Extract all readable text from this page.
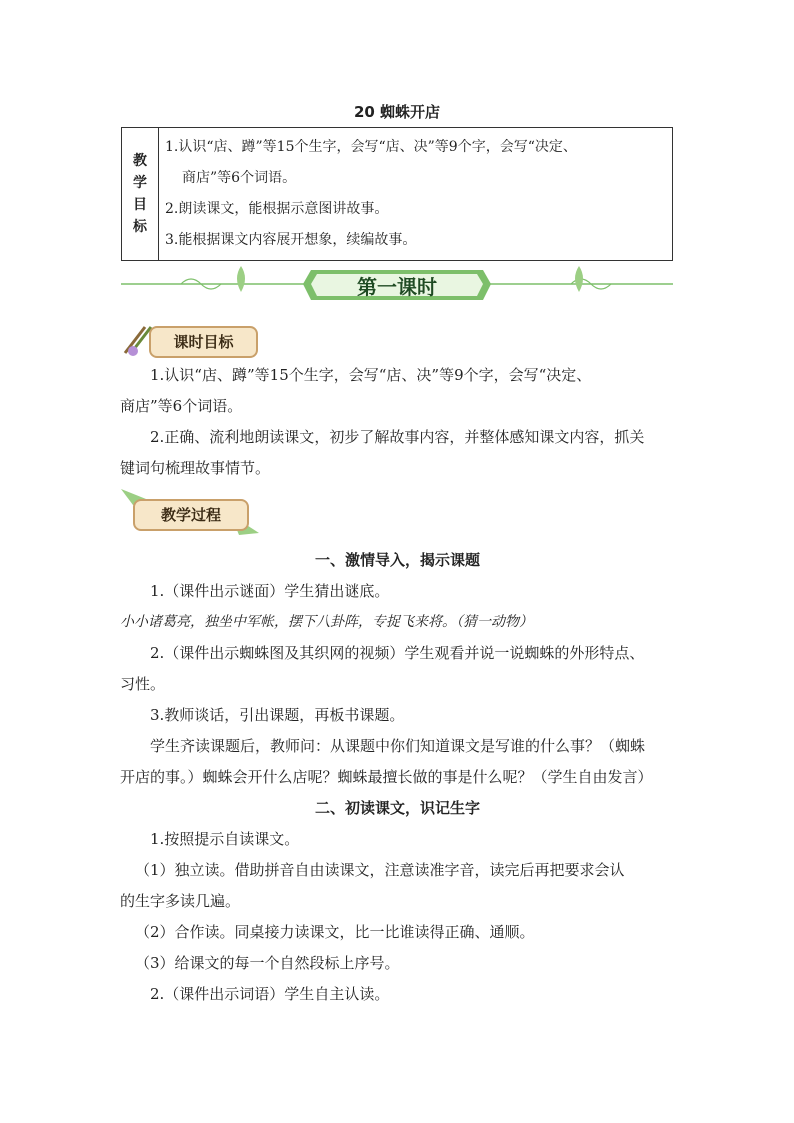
20 蜘蛛开店
教
学
目
标

1.认识“店、蹲”等15个生字，会写“店、决”等9个字，会写“决定、

商店”等6个词语。

2.朗读课文，能根据示意图讲故事。

3.能根据课文内容展开想象，续编故事。

第一课时
课时目标

1.认识“店、蹲”等15个生字，会写“店、决”等9个字，会写“决定、

商店”等6个词语。

2.正确、流利地朗读课文，初步了解故事内容，并整体感知课文内容，抓关

键词句梳理故事情节。

教学过程

一、激情导入，揭示课题

1.（课件出示谜面）学生猜出谜底。

小小诸葛亮，独坐中军帐，摆下八卦阵，专捉飞来将。（猜一动物）

2.（课件出示蜘蛛图及其织网的视频）学生观看并说一说蜘蛛的外形特点、

习性。

3.教师谈话，引出课题，再板书课题。

学生齐读课题后，教师问：从课题中你们知道课文是写谁的什么事？（蜘蛛

开店的事。）蜘蛛会开什么店呢？蜘蛛最擅长做的事是什么呢？（学生自由发言）

二、初读课文，识记生字

1.按照提示自读课文。

（1）独立读。借助拼音自由读课文，注意读准字音，读完后再把要求会认

的生字多读几遍。

（2）合作读。同桌接力读课文，比一比谁读得正确、通顺。

（3）给课文的每一个自然段标上序号。

2.（课件出示词语）学生自主认读。
